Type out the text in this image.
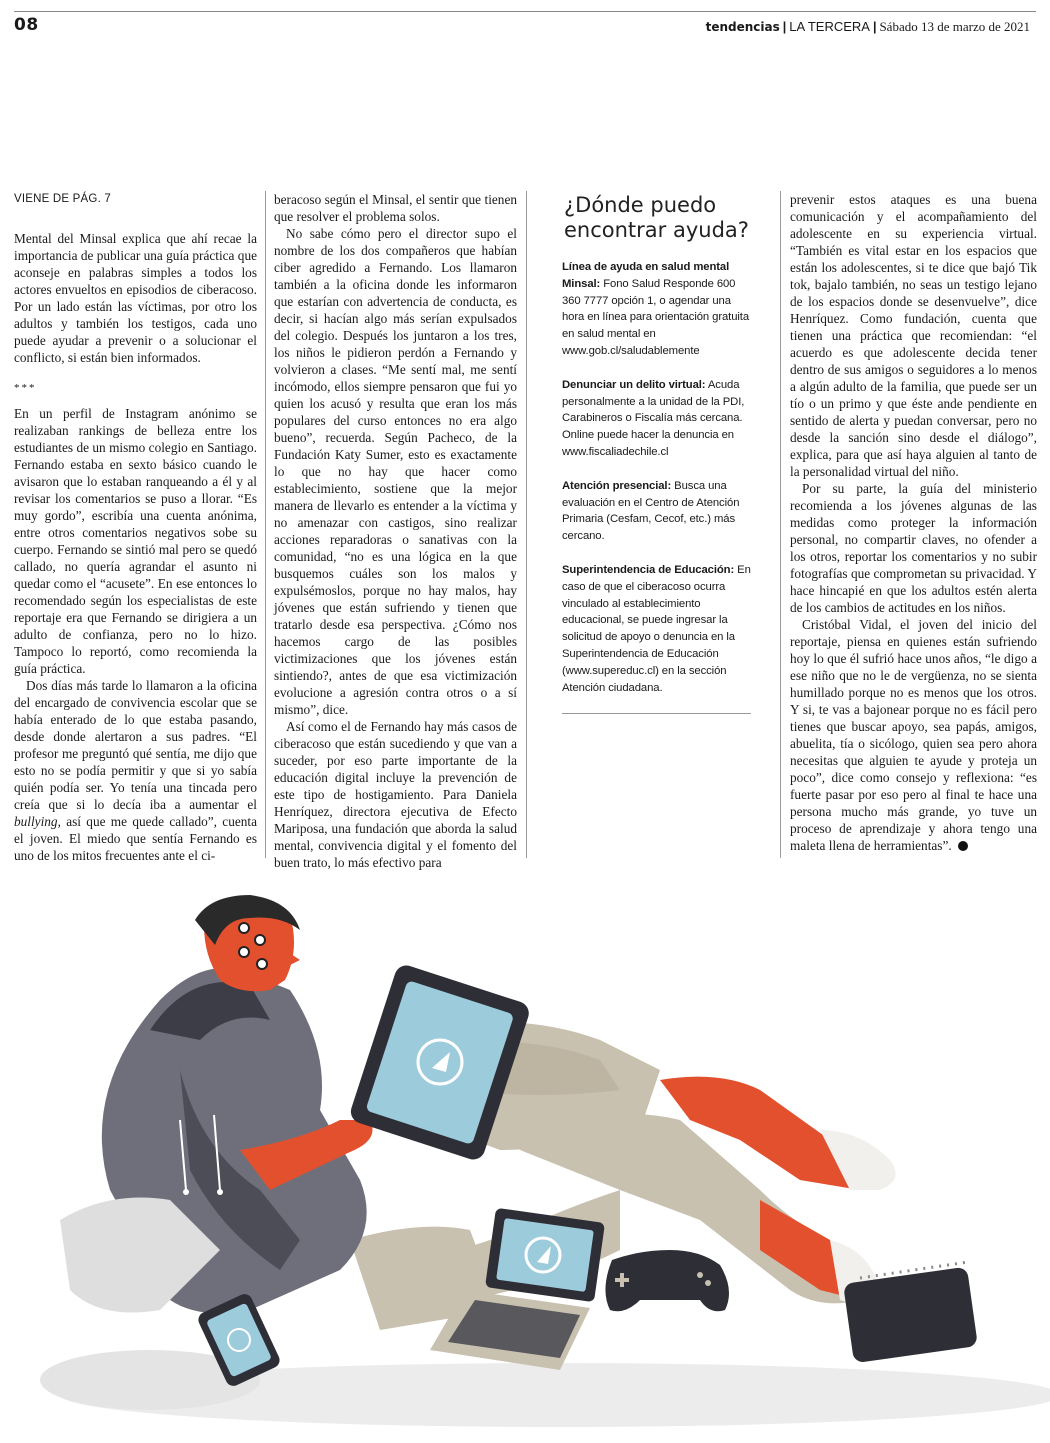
08	tendencias | LA TERCERA | Sábado 13 de marzo de 2021

VIENE DE PÁG. 7

Mental del Minsal explica que ahí recae la importancia de publicar una guía práctica que aconseje en palabras simples a todos los actores envueltos en episodios de ciberacoso. Por un lado están las víctimas, por otro los adultos y también los testigos, cada uno puede ayudar a prevenir o a solucionar el conflicto, si están bien informados.

***

En un perfil de Instagram anónimo se realizaban rankings de belleza entre los estudiantes de un mismo colegio en Santiago. Fernando estaba en sexto básico cuando le avisaron que lo estaban ranqueando a él y al revisar los comentarios se puso a llorar. “Es muy gordo”, escribía una cuenta anónima, entre otros comentarios negativos sobe su cuerpo. Fernando se sintió mal pero se quedó callado, no quería agrandar el asunto ni quedar como el “acusete”. En ese entonces lo recomendado según los especialistas de este reportaje era que Fernando se dirigiera a un adulto de confianza, pero no lo hizo. Tampoco lo reportó, como recomienda la guía práctica.

Dos días más tarde lo llamaron a la oficina del encargado de convivencia escolar que se había enterado de lo que estaba pasando, desde donde alertaron a sus padres. “El profesor me preguntó qué sentía, me dijo que esto no se podía permitir y que si yo sabía quién podía ser. Yo tenía una tincada pero creía que si lo decía iba a aumentar el bullying, así que me quede callado”, cuenta el joven. El miedo que sentía Fernando es uno de los mitos frecuentes ante el ci-

beracoso según el Minsal, el sentir que tienen que resolver el problema solos.

No sabe cómo pero el director supo el nombre de los dos compañeros que habían ciber agredido a Fernando. Los llamaron también a la oficina donde les informaron que estarían con advertencia de conducta, es decir, si hacían algo más serían expulsados del colegio. Después los juntaron a los tres, los niños le pidieron perdón a Fernando y volvieron a clases. “Me sentí mal, me sentí incómodo, ellos siempre pensaron que fui yo quien los acusó y resulta que eran los más populares del curso entonces no era algo bueno”, recuerda. Según Pacheco, de la Fundación Katy Sumer, esto es exactamente lo que no hay que hacer como establecimiento, sostiene que la mejor manera de llevarlo es entender a la víctima y no amenazar con castigos, sino realizar acciones reparadoras o sanativas con la comunidad, “no es una lógica en la que busquemos cuáles son los malos y expulsémoslos, porque no hay malos, hay jóvenes que están sufriendo y tienen que tratarlo desde esa perspectiva. ¿Cómo nos hacemos cargo de las posibles victimizaciones que los jóvenes están sintiendo?, antes de que esa victimización evolucione a agresión contra otros o a sí mismo”, dice.

Así como el de Fernando hay más casos de ciberacoso que están sucediendo y que van a suceder, por eso parte importante de la educación digital incluye la prevención de este tipo de hostigamiento. Para Daniela Henríquez, directora ejecutiva de Efecto Mariposa, una fundación que aborda la salud mental, convivencia digital y el fomento del buen trato, lo más efectivo para

¿Dónde puedo encontrar ayuda?
Línea de ayuda en salud mental Minsal: Fono Salud Responde 600 360 7777 opción 1, o agendar una hora en línea para orientación gratuita en salud mental en www.gob.cl/saludablemente
Denunciar un delito virtual: Acuda personalmente a la unidad de la PDI, Carabineros o Fiscalía más cercana. Online puede hacer la denuncia en www.fiscaliadechile.cl
Atención presencial: Busca una evaluación en el Centro de Atención Primaria (Cesfam, Cecof, etc.) más cercano.
Superintendencia de Educación: En caso de que el ciberacoso ocurra vinculado al establecimiento educacional, se puede ingresar la solicitud de apoyo o denuncia en la Superintendencia de Educación (www.supereduc.cl) en la sección Atención ciudadana.

prevenir estos ataques es una buena comunicación y el acompañamiento del adolescente en su experiencia virtual. “También es vital estar en los espacios que están los adolescentes, si te dice que bajó Tik tok, bajalo también, no seas un testigo lejano de los espacios donde se desenvuelve”, dice Henríquez. Como fundación, cuenta que tienen una práctica que recomiendan: “el acuerdo es que adolescente decida tener dentro de sus amigos o seguidores a lo menos a algún adulto de la familia, que puede ser un tío o un primo y que éste ande pendiente en sentido de alerta y puedan conversar, pero no desde la sanción sino desde el diálogo”, explica, para que así haya alguien al tanto de la personalidad virtual del niño.

Por su parte, la guía del ministerio recomienda a los jóvenes algunas de las medidas como proteger la información personal, no compartir claves, no ofender a los otros, reportar los comentarios y no subir fotografías que comprometan su privacidad. Y hace hincapié en que los adultos estén alerta de los cambios de actitudes en los niños.

Cristóbal Vidal, el joven del inicio del reportaje, piensa en quienes están sufriendo hoy lo que él sufrió hace unos años, “le digo a ese niño que no le de vergüenza, no se sienta humillado porque no es menos que los otros. Y si, te vas a bajonear porque no es fácil pero tienes que buscar apoyo, sea papás, amigos, abuelita, tía o sicólogo, quien sea pero ahora necesitas que alguien te ayude y proteja un poco”, dice como consejo y reflexiona: “es fuerte pasar por eso pero al final te hace una persona mucho más grande, yo tuve un proceso de aprendizaje y ahora tengo una maleta llena de herramientas”.
